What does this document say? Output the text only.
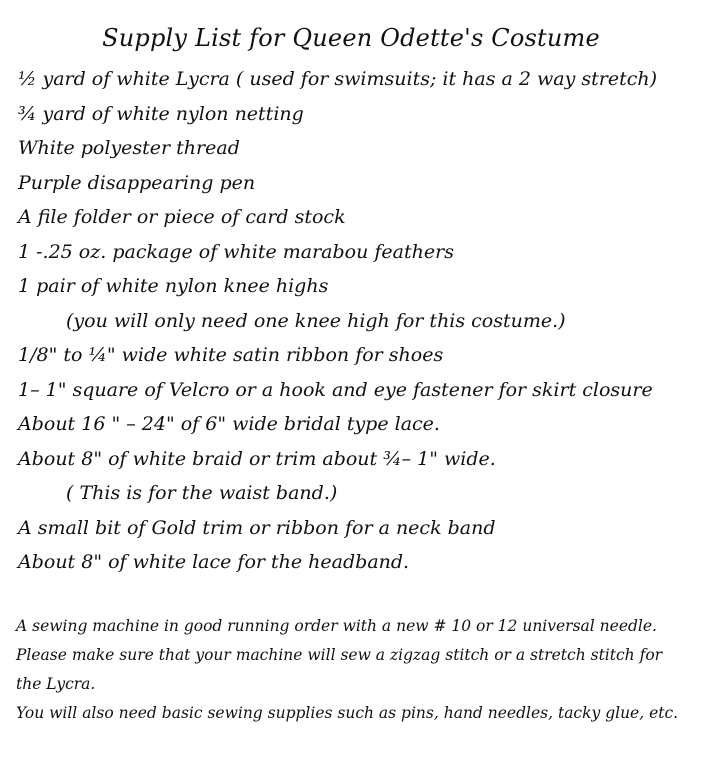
Supply List for Queen Odette's Costume
½ yard of white Lycra ( used for swimsuits; it has a 2 way stretch)
¾ yard of white nylon netting
White polyester thread
Purple disappearing pen
A file folder or piece of card stock
1 -.25 oz. package of white marabou feathers
1 pair of white nylon knee highs
(you will only need one knee high for this costume.)
1/8" to ¼" wide white satin ribbon for shoes
1– 1" square of Velcro or a hook and eye fastener for skirt closure
About 16 " – 24" of 6" wide bridal type lace.
About 8" of white braid or trim about ¾– 1" wide.
( This is for the waist band.)
A small bit of Gold trim or ribbon for a neck band
About 8" of white lace for the headband.

A sewing machine in good running order with a new # 10 or 12 universal needle. Please make sure that your machine will sew a zigzag stitch or a stretch stitch for the Lycra.

You will also need basic sewing supplies such as pins, hand needles, tacky glue, etc.
